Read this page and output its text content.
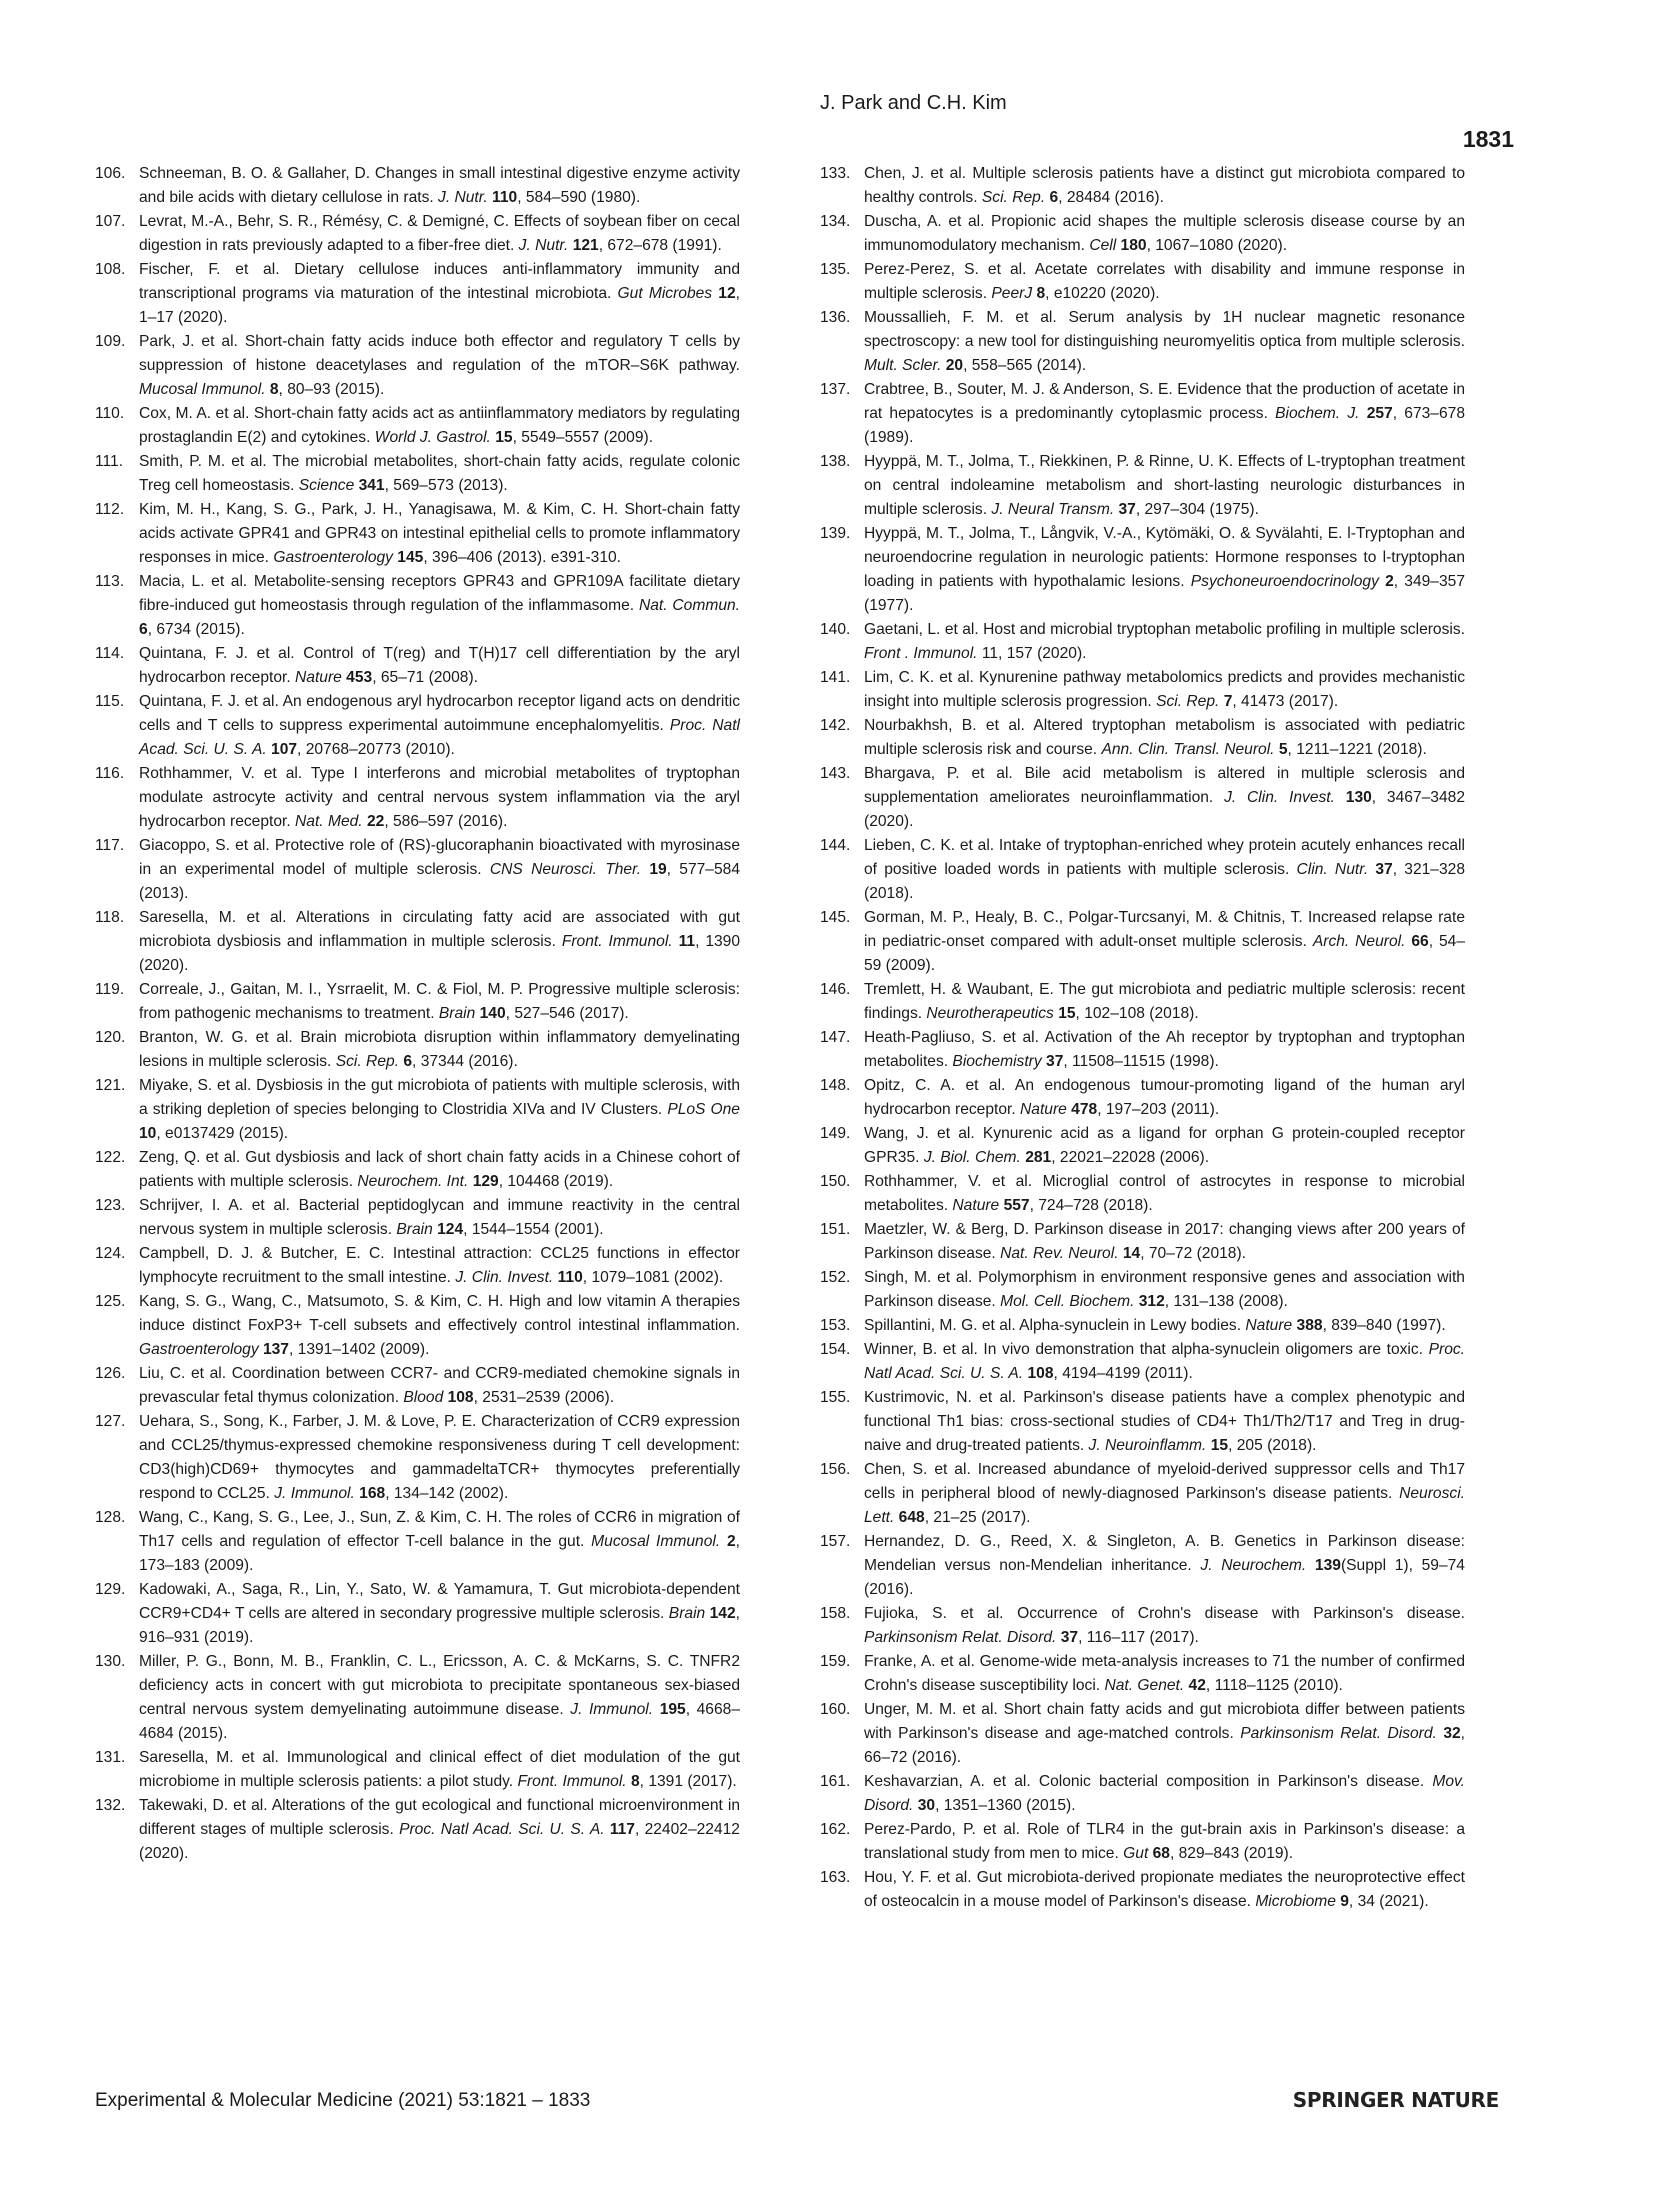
J. Park and C.H. Kim
1831
106. Schneeman, B. O. & Gallaher, D. Changes in small intestinal digestive enzyme activity and bile acids with dietary cellulose in rats. J. Nutr. 110, 584–590 (1980).
107. Levrat, M.-A., Behr, S. R., Rémésy, C. & Demigné, C. Effects of soybean fiber on cecal digestion in rats previously adapted to a fiber-free diet. J. Nutr. 121, 672–678 (1991).
108. Fischer, F. et al. Dietary cellulose induces anti-inflammatory immunity and transcriptional programs via maturation of the intestinal microbiota. Gut Microbes 12, 1–17 (2020).
109. Park, J. et al. Short-chain fatty acids induce both effector and regulatory T cells by suppression of histone deacetylases and regulation of the mTOR–S6K pathway. Mucosal Immunol. 8, 80–93 (2015).
110. Cox, M. A. et al. Short-chain fatty acids act as antiinflammatory mediators by regulating prostaglandin E(2) and cytokines. World J. Gastrol. 15, 5549–5557 (2009).
111.	Smith, P. M. et al. The microbial metabolites, short-chain fatty acids, regulate colonic Treg cell homeostasis. Science 341, 569–573 (2013).
112. Kim, M. H., Kang, S. G., Park, J. H., Yanagisawa, M. & Kim, C. H. Short-chain fatty acids activate GPR41 and GPR43 on intestinal epithelial cells to promote inflammatory responses in mice. Gastroenterology 145, 396–406 (2013). e391-310.
113. Macia, L. et al. Metabolite-sensing receptors GPR43 and GPR109A facilitate dietary fibre-induced gut homeostasis through regulation of the inflammasome. Nat. Commun. 6, 6734 (2015).
114. Quintana, F. J. et al. Control of T(reg) and T(H)17 cell differentiation by the aryl hydrocarbon receptor. Nature 453, 65–71 (2008).
115. Quintana, F. J. et al. An endogenous aryl hydrocarbon receptor ligand acts on dendritic cells and T cells to suppress experimental autoimmune encephalomyelitis. Proc. Natl Acad. Sci. U. S. A. 107, 20768–20773 (2010).
116. Rothhammer, V. et al. Type I interferons and microbial metabolites of tryptophan modulate astrocyte activity and central nervous system inflammation via the aryl hydrocarbon receptor. Nat. Med. 22, 586–597 (2016).
117. Giacoppo, S. et al. Protective role of (RS)-glucoraphanin bioactivated with myrosinase in an experimental model of multiple sclerosis. CNS Neurosci. Ther. 19, 577–584 (2013).
118. Saresella, M. et al. Alterations in circulating fatty acid are associated with gut microbiota dysbiosis and inflammation in multiple sclerosis. Front. Immunol. 11, 1390 (2020).
119. Correale, J., Gaitan, M. I., Ysrraelit, M. C. & Fiol, M. P. Progressive multiple sclerosis: from pathogenic mechanisms to treatment. Brain 140, 527–546 (2017).
120. Branton, W. G. et al. Brain microbiota disruption within inflammatory demyelinating lesions in multiple sclerosis. Sci. Rep. 6, 37344 (2016).
121. Miyake, S. et al. Dysbiosis in the gut microbiota of patients with multiple sclerosis, with a striking depletion of species belonging to Clostridia XIVa and IV Clusters. PLoS One 10, e0137429 (2015).
122. Zeng, Q. et al. Gut dysbiosis and lack of short chain fatty acids in a Chinese cohort of patients with multiple sclerosis. Neurochem. Int. 129, 104468 (2019).
123. Schrijver, I. A. et al. Bacterial peptidoglycan and immune reactivity in the central nervous system in multiple sclerosis. Brain 124, 1544–1554 (2001).
124. Campbell, D. J. & Butcher, E. C. Intestinal attraction: CCL25 functions in effector lymphocyte recruitment to the small intestine. J. Clin. Invest. 110, 1079–1081 (2002).
125. Kang, S. G., Wang, C., Matsumoto, S. & Kim, C. H. High and low vitamin A therapies induce distinct FoxP3+ T-cell subsets and effectively control intestinal inflammation. Gastroenterology 137, 1391–1402 (2009).
126. Liu, C. et al. Coordination between CCR7- and CCR9-mediated chemokine signals in prevascular fetal thymus colonization. Blood 108, 2531–2539 (2006).
127. Uehara, S., Song, K., Farber, J. M. & Love, P. E. Characterization of CCR9 expression and CCL25/thymus-expressed chemokine responsiveness during T cell development: CD3(high)CD69+ thymocytes and gammadeltaTCR+ thymocytes preferentially respond to CCL25. J. Immunol. 168, 134–142 (2002).
128. Wang, C., Kang, S. G., Lee, J., Sun, Z. & Kim, C. H. The roles of CCR6 in migration of Th17 cells and regulation of effector T-cell balance in the gut. Mucosal Immunol. 2, 173–183 (2009).
129. Kadowaki, A., Saga, R., Lin, Y., Sato, W. & Yamamura, T. Gut microbiota-dependent CCR9+CD4+ T cells are altered in secondary progressive multiple sclerosis. Brain 142, 916–931 (2019).
130. Miller, P. G., Bonn, M. B., Franklin, C. L., Ericsson, A. C. & McKarns, S. C. TNFR2 deficiency acts in concert with gut microbiota to precipitate spontaneous sex-biased central nervous system demyelinating autoimmune disease. J. Immunol. 195, 4668–4684 (2015).
131. Saresella, M. et al. Immunological and clinical effect of diet modulation of the gut microbiome in multiple sclerosis patients: a pilot study. Front. Immunol. 8, 1391 (2017).
132. Takewaki, D. et al. Alterations of the gut ecological and functional microenvironment in different stages of multiple sclerosis. Proc. Natl Acad. Sci. U. S. A. 117, 22402–22412 (2020).
133. Chen, J. et al. Multiple sclerosis patients have a distinct gut microbiota compared to healthy controls. Sci. Rep. 6, 28484 (2016).
134. Duscha, A. et al. Propionic acid shapes the multiple sclerosis disease course by an immunomodulatory mechanism. Cell 180, 1067–1080 (2020).
135. Perez-Perez, S. et al. Acetate correlates with disability and immune response in multiple sclerosis. PeerJ 8, e10220 (2020).
136. Moussallieh, F. M. et al. Serum analysis by 1H nuclear magnetic resonance spectroscopy: a new tool for distinguishing neuromyelitis optica from multiple sclerosis. Mult. Scler. 20, 558–565 (2014).
137. Crabtree, B., Souter, M. J. & Anderson, S. E. Evidence that the production of acetate in rat hepatocytes is a predominantly cytoplasmic process. Biochem. J. 257, 673–678 (1989).
138. Hyyppä, M. T., Jolma, T., Riekkinen, P. & Rinne, U. K. Effects of L-tryptophan treatment on central indoleamine metabolism and short-lasting neurologic disturbances in multiple sclerosis. J. Neural Transm. 37, 297–304 (1975).
139. Hyyppä, M. T., Jolma, T., Långvik, V.-A., Kytömäki, O. & Syvälahti, E. l-Tryptophan and neuroendocrine regulation in neurologic patients: Hormone responses to l-tryptophan loading in patients with hypothalamic lesions. Psychoneuroendocrinology 2, 349–357 (1977).
140. Gaetani, L. et al. Host and microbial tryptophan metabolic profiling in multiple sclerosis. Front . Immunol. 11, 157 (2020).
141. Lim, C. K. et al. Kynurenine pathway metabolomics predicts and provides mechanistic insight into multiple sclerosis progression. Sci. Rep. 7, 41473 (2017).
142. Nourbakhsh, B. et al. Altered tryptophan metabolism is associated with pediatric multiple sclerosis risk and course. Ann. Clin. Transl. Neurol. 5, 1211–1221 (2018).
143. Bhargava, P. et al. Bile acid metabolism is altered in multiple sclerosis and supplementation ameliorates neuroinflammation. J. Clin. Invest. 130, 3467–3482 (2020).
144. Lieben, C. K. et al. Intake of tryptophan-enriched whey protein acutely enhances recall of positive loaded words in patients with multiple sclerosis. Clin. Nutr. 37, 321–328 (2018).
145. Gorman, M. P., Healy, B. C., Polgar-Turcsanyi, M. & Chitnis, T. Increased relapse rate in pediatric-onset compared with adult-onset multiple sclerosis. Arch. Neurol. 66, 54–59 (2009).
146. Tremlett, H. & Waubant, E. The gut microbiota and pediatric multiple sclerosis: recent findings. Neurotherapeutics 15, 102–108 (2018).
147. Heath-Pagliuso, S. et al. Activation of the Ah receptor by tryptophan and tryptophan metabolites. Biochemistry 37, 11508–11515 (1998).
148. Opitz, C. A. et al. An endogenous tumour-promoting ligand of the human aryl hydrocarbon receptor. Nature 478, 197–203 (2011).
149. Wang, J. et al. Kynurenic acid as a ligand for orphan G protein-coupled receptor GPR35. J. Biol. Chem. 281, 22021–22028 (2006).
150. Rothhammer, V. et al. Microglial control of astrocytes in response to microbial metabolites. Nature 557, 724–728 (2018).
151. Maetzler, W. & Berg, D. Parkinson disease in 2017: changing views after 200 years of Parkinson disease. Nat. Rev. Neurol. 14, 70–72 (2018).
152. Singh, M. et al. Polymorphism in environment responsive genes and association with Parkinson disease. Mol. Cell. Biochem. 312, 131–138 (2008).
153. Spillantini, M. G. et al. Alpha-synuclein in Lewy bodies. Nature 388, 839–840 (1997).
154. Winner, B. et al. In vivo demonstration that alpha-synuclein oligomers are toxic. Proc. Natl Acad. Sci. U. S. A. 108, 4194–4199 (2011).
155. Kustrimovic, N. et al. Parkinson's disease patients have a complex phenotypic and functional Th1 bias: cross-sectional studies of CD4+ Th1/Th2/T17 and Treg in drug-naive and drug-treated patients. J. Neuroinflamm. 15, 205 (2018).
156. Chen, S. et al. Increased abundance of myeloid-derived suppressor cells and Th17 cells in peripheral blood of newly-diagnosed Parkinson's disease patients. Neurosci. Lett. 648, 21–25 (2017).
157. Hernandez, D. G., Reed, X. & Singleton, A. B. Genetics in Parkinson disease: Mendelian versus non-Mendelian inheritance. J. Neurochem. 139(Suppl 1), 59–74 (2016).
158. Fujioka, S. et al. Occurrence of Crohn's disease with Parkinson's disease. Parkinsonism Relat. Disord. 37, 116–117 (2017).
159. Franke, A. et al. Genome-wide meta-analysis increases to 71 the number of confirmed Crohn's disease susceptibility loci. Nat. Genet. 42, 1118–1125 (2010).
160. Unger, M. M. et al. Short chain fatty acids and gut microbiota differ between patients with Parkinson's disease and age-matched controls. Parkinsonism Relat. Disord. 32, 66–72 (2016).
161. Keshavarzian, A. et al. Colonic bacterial composition in Parkinson's disease. Mov. Disord. 30, 1351–1360 (2015).
162. Perez-Pardo, P. et al. Role of TLR4 in the gut-brain axis in Parkinson's disease: a translational study from men to mice. Gut 68, 829–843 (2019).
163. Hou, Y. F. et al. Gut microbiota-derived propionate mediates the neuroprotective effect of osteocalcin in a mouse model of Parkinson's disease. Microbiome 9, 34 (2021).
Experimental & Molecular Medicine (2021) 53:1821 – 1833	SPRINGER NATURE
